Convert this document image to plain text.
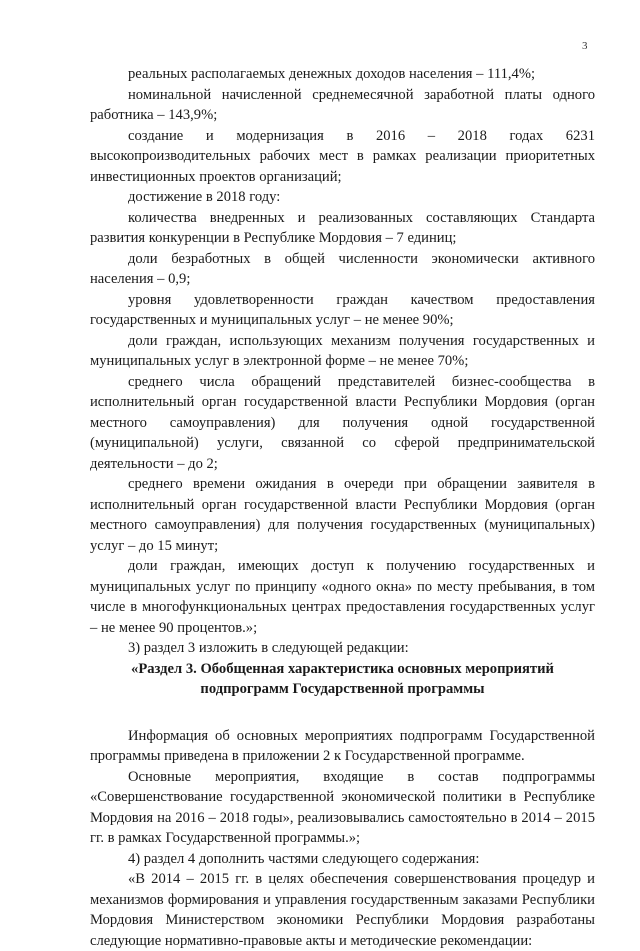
3

реальных располагаемых денежных доходов населения – 111,4%;

номинальной начисленной среднемесячной заработной платы одного работника – 143,9%;

создание и модернизация в 2016 – 2018 годах 6231 высокопроизводительных рабочих мест в рамках реализации приоритетных инвестиционных проектов организаций;

достижение в 2018 году:

количества внедренных и реализованных составляющих Стандарта развития конкуренции в Республике Мордовия – 7 единиц;

доли безработных в общей численности экономически активного населения – 0,9;

уровня удовлетворенности граждан качеством предоставления государственных и муниципальных услуг – не менее 90%;

доли граждан, использующих механизм получения государственных и муниципальных услуг в электронной форме – не менее 70%;

среднего числа обращений представителей бизнес-сообщества в исполнительный орган государственной власти Республики Мордовия (орган местного самоуправления) для получения одной государственной (муниципальной) услуги, связанной со сферой предпринимательской деятельности – до 2;

среднего времени ожидания в очереди при обращении заявителя в исполнительный орган государственной власти Республики Мордовия (орган местного самоуправления) для получения государственных (муниципальных) услуг – до 15 минут;

доли граждан, имеющих доступ к получению государственных и муниципальных услуг по принципу «одного окна» по месту пребывания, в том числе в многофункциональных центрах предоставления государственных услуг – не менее 90 процентов.»;

3) раздел 3 изложить в следующей редакции:

«Раздел 3. Обобщенная характеристика основных мероприятий

подпрограмм Государственной программы

Информация об основных мероприятиях подпрограмм Государственной программы приведена в приложении 2 к Государственной программе.

Основные мероприятия, входящие в состав подпрограммы «Совершенствование государственной экономической политики в Республике Мордовия на 2016 – 2018 годы», реализовывались самостоятельно в 2014 – 2015 гг. в рамках Государственной программы.»;

4) раздел 4 дополнить частями следующего содержания:

«В 2014 – 2015 гг. в целях обеспечения совершенствования процедур и механизмов формирования и управления государственным заказами Республики Мордовия Министерством экономики Республики Мордовия разработаны следующие нормативно-правовые акты и методические рекомендации:
